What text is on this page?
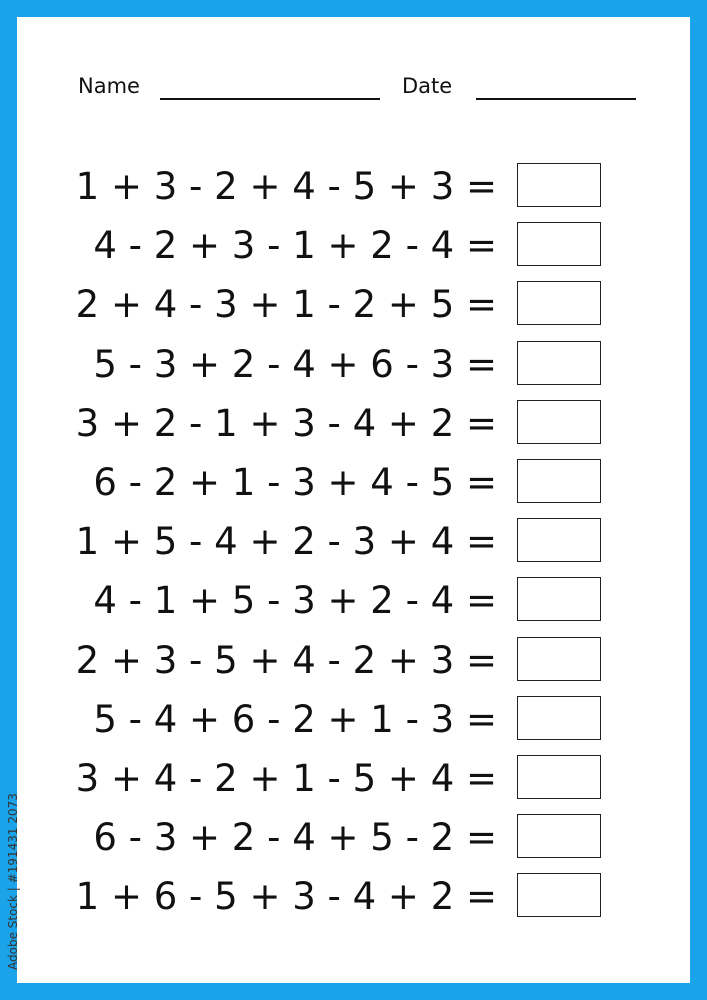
Name	Date
1 + 3 - 2 + 4 - 5 + 3 =
4 - 2 + 3 - 1 + 2 - 4 =
2 + 4 - 3 + 1 - 2 + 5 =
5 - 3 + 2 - 4 + 6 - 3 =
3 + 2 - 1 + 3 - 4 + 2 =
6 - 2 + 1 - 3 + 4 - 5 =
1 + 5 - 4 + 2 - 3 + 4 =
4 - 1 + 5 - 3 + 2 - 4 =
2 + 3 - 5 + 4 - 2 + 3 =
5 - 4 + 6 - 2 + 1 - 3 =
3 + 4 - 2 + 1 - 5 + 4 =
6 - 3 + 2 - 4 + 5 - 2 =
1 + 6 - 5 + 3 - 4 + 2 =
Adobe Stock | #191431 2073
